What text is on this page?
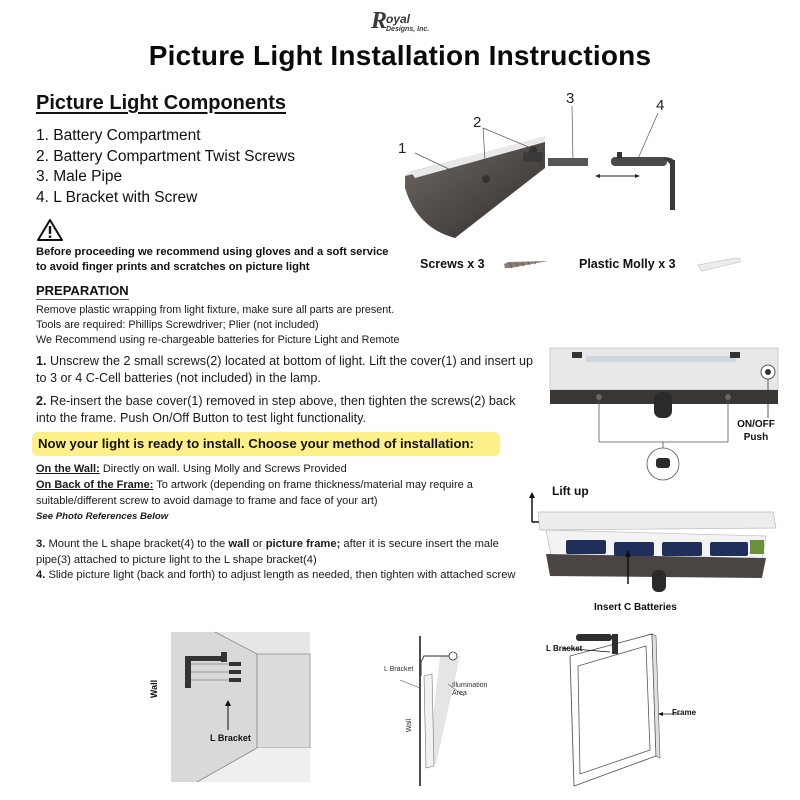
R
oyal
Designs, Inc.
Picture Light Installation Instructions
Picture Light Components
1. Battery Compartment
2. Battery Compartment Twist Screws
3. Male Pipe
4. L Bracket with Screw
Before proceeding we recommend using gloves and a soft service to avoid finger prints and scratches on picture light
1
2
3	4
Screws x 3	Plastic Molly x 3
PREPARATION
Remove plastic wrapping from light fixture, make sure all parts are present.
Tools are required: Phillips Screwdriver; Plier (not included)
We Recommend using re-chargeable batteries for Picture Light and Remote
1. Unscrew the 2 small screws(2) located at bottom of light. Lift the cover(1) and insert up to 3 or 4 C-Cell batteries (not included) in the lamp.
2. Re-insert the base cover(1) removed in step above, then tighten the screws(2) back into the frame. Push On/Off Button to test light functionality.	ON/OFF
Push
Now your light is ready to install. Choose your method of installation:
On the Wall: Directly on wall. Using Molly and Screws Provided
On Back of the Frame: To artwork (depending on frame thickness/material may require a suitable/different screw to avoid damage to frame and face of your art)
See Photo References Below
3. Mount the L shape bracket(4) to the wall or picture frame; after it is secure insert the male pipe(3) attached to picture light to the L shape bracket(4)
4. Slide picture light (back and forth) to adjust length as needed, then tighten with attached screw
Lift up
Insert C Batteries
Wall
L Bracket
L Bracket
Illumination
Area
Wall
L Bracket
Frame
